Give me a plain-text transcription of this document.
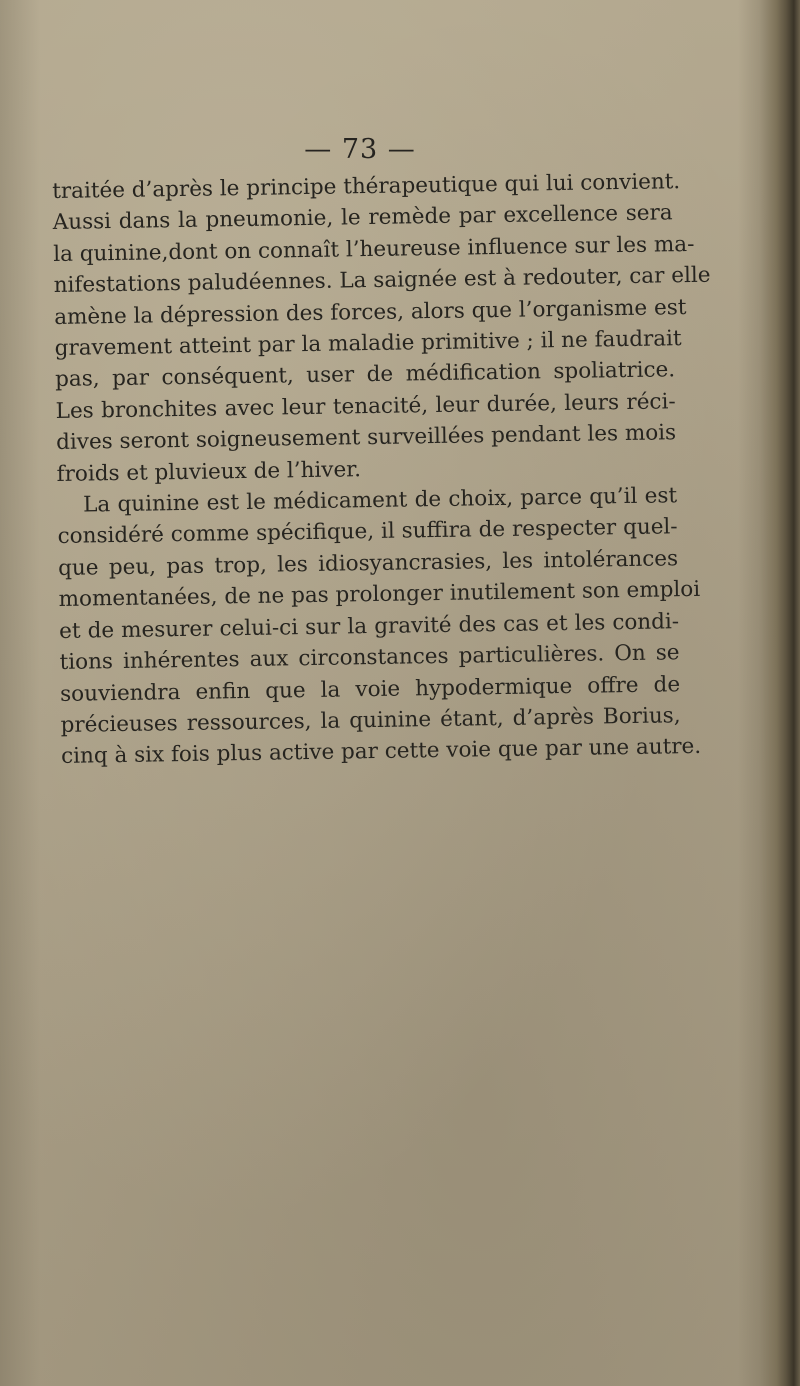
— 73 —
traitée d’après le principe thérapeutique qui lui convient.
Aussi dans la pneumonie, le remède par excellence sera
la quinine,dont on connaît l’heureuse influence sur les ma-
nifestations paludéennes. La saignée est à redouter, car elle
amène la dépression des forces, alors que l’organisme est
gravement atteint par la maladie primitive ; il ne faudrait
pas, par conséquent, user de médification spoliatrice.
Les bronchites avec leur tenacité, leur durée, leurs réci-
dives seront soigneusement surveillées pendant les mois
froids et pluvieux de l’hiver.
La quinine est le médicament de choix, parce qu’il est
considéré comme spécifique, il suffira de respecter quel-
que peu, pas trop, les idiosyancrasies, les intolérances
momentanées, de ne pas prolonger inutilement son emploi
et de mesurer celui-ci sur la gravité des cas et les condi-
tions inhérentes aux circonstances particulières. On se
souviendra enfin que la voie hypodermique offre de
précieuses ressources, la quinine étant, d’après Borius,
cinq à six fois plus active par cette voie que par une autre.
